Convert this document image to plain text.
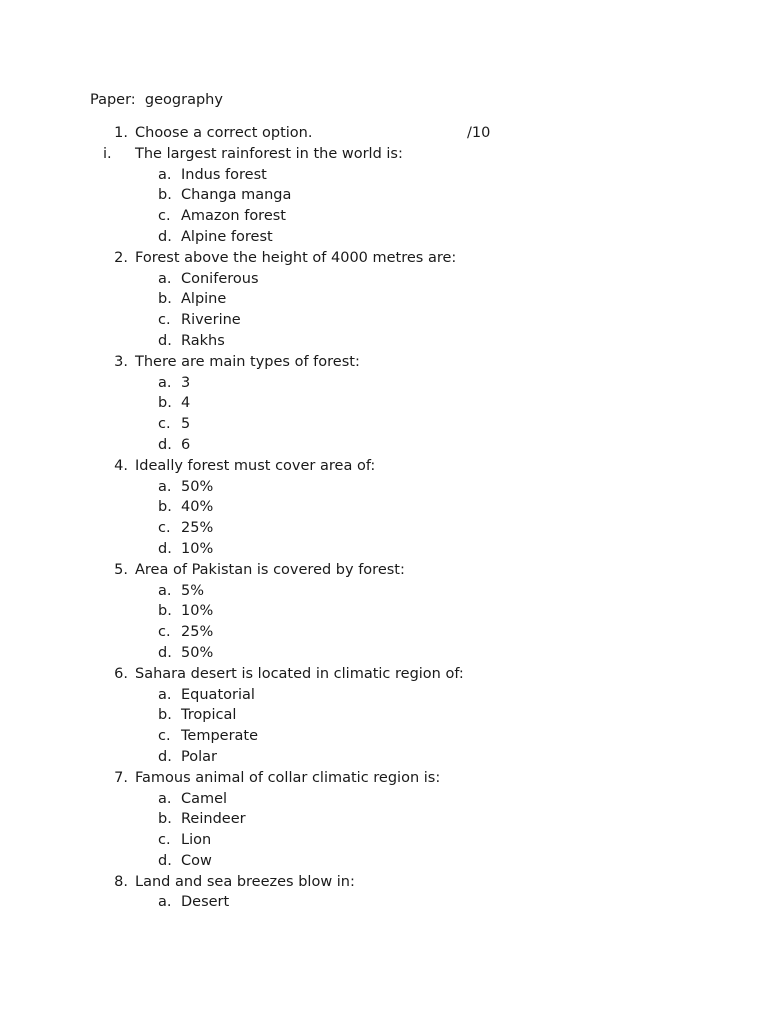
Paper: geography
1. Choose a correct option.	/10
i. The largest rainforest in the world is:
a. Indus forest
b. Changa manga
c. Amazon forest
d. Alpine forest
2. Forest above the height of 4000 metres are:
a. Coniferous
b. Alpine
c. Riverine
d. Rakhs
3. There are main types of forest:
a. 3
b. 4
c. 5
d. 6
4. Ideally forest must cover area of:
a. 50%
b. 40%
c. 25%
d. 10%
5. Area of Pakistan is covered by forest:
a. 5%
b. 10%
c. 25%
d. 50%
6. Sahara desert is located in climatic region of:
a. Equatorial
b. Tropical
c. Temperate
d. Polar
7. Famous animal of collar climatic region is:
a. Camel
b. Reindeer
c. Lion
d. Cow
8. Land and sea breezes blow in:
a. Desert
